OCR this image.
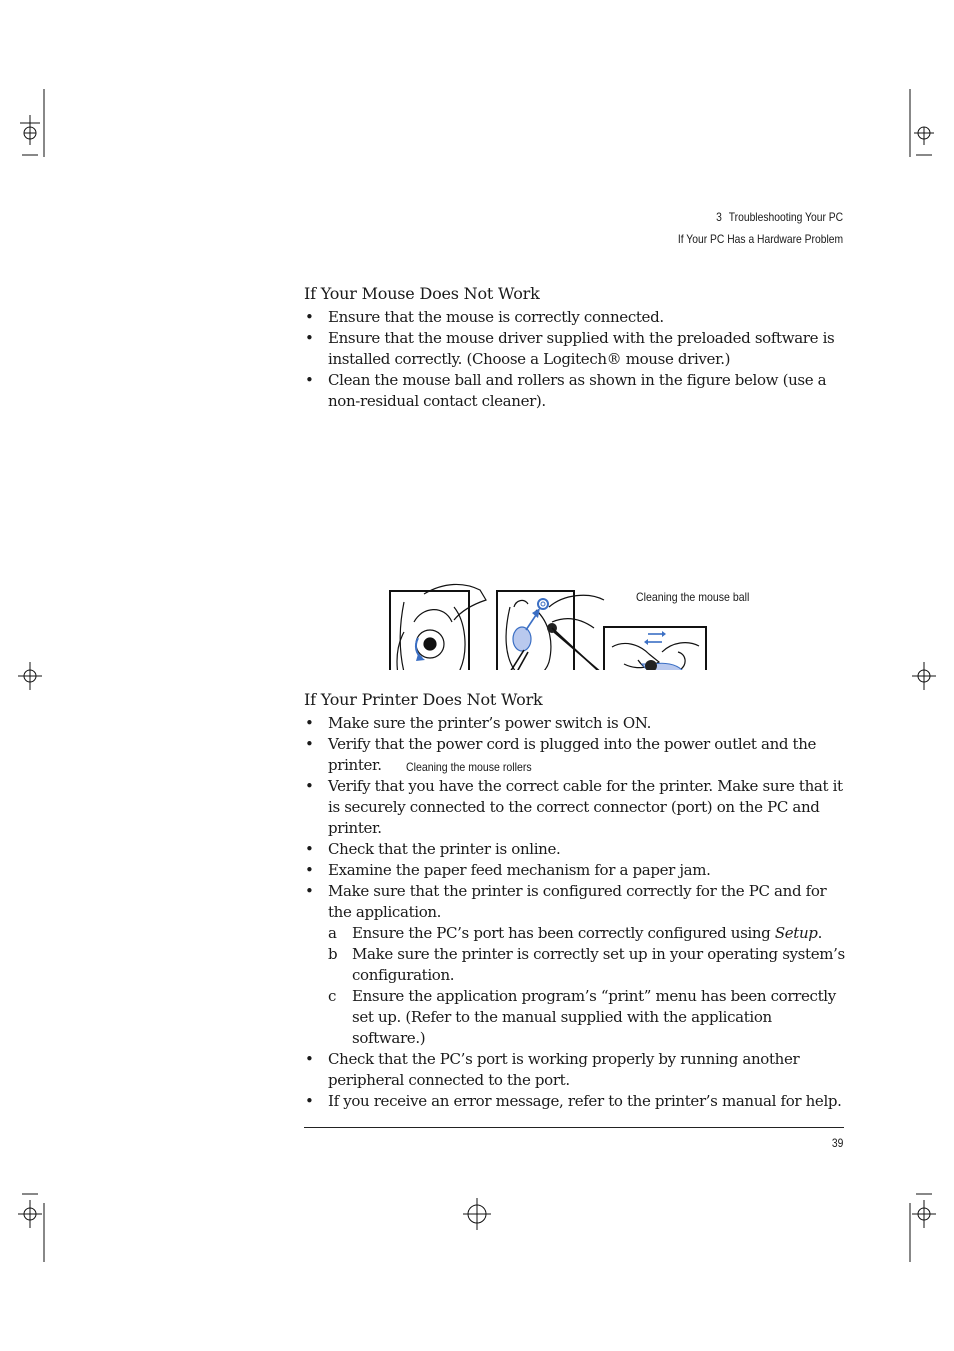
3 Troubleshooting Your PC
If Your PC Has a Hardware Problem
If Your Mouse Does Not Work
• Ensure that the mouse is correctly connected.
• Ensure that the mouse driver supplied with the preloaded software is installed correctly. (Choose a Logitech® mouse driver.)
• Clean the mouse ball and rollers as shown in the figure below (use a non-residual contact cleaner).
Cleaning the mouse ball
Cleaning the mouse rollers
If Your Printer Does Not Work
• Make sure the printer’s power switch is ON.
• Verify that the power cord is plugged into the power outlet and the printer.
• Verify that you have the correct cable for the printer. Make sure that it is securely connected to the correct connector (port) on the PC and printer.
• Check that the printer is online.
• Examine the paper feed mechanism for a paper jam.
• Make sure that the printer is configured correctly for the PC and for the application.
a Ensure the PC’s port has been correctly configured using Setup.
b Make sure the printer is correctly set up in your operating system’s configuration.
c Ensure the application program’s “print” menu has been correctly set up. (Refer to the manual supplied with the application software.)
• Check that the PC’s port is working properly by running another peripheral connected to the port.
• If you receive an error message, refer to the printer’s manual for help.
39
